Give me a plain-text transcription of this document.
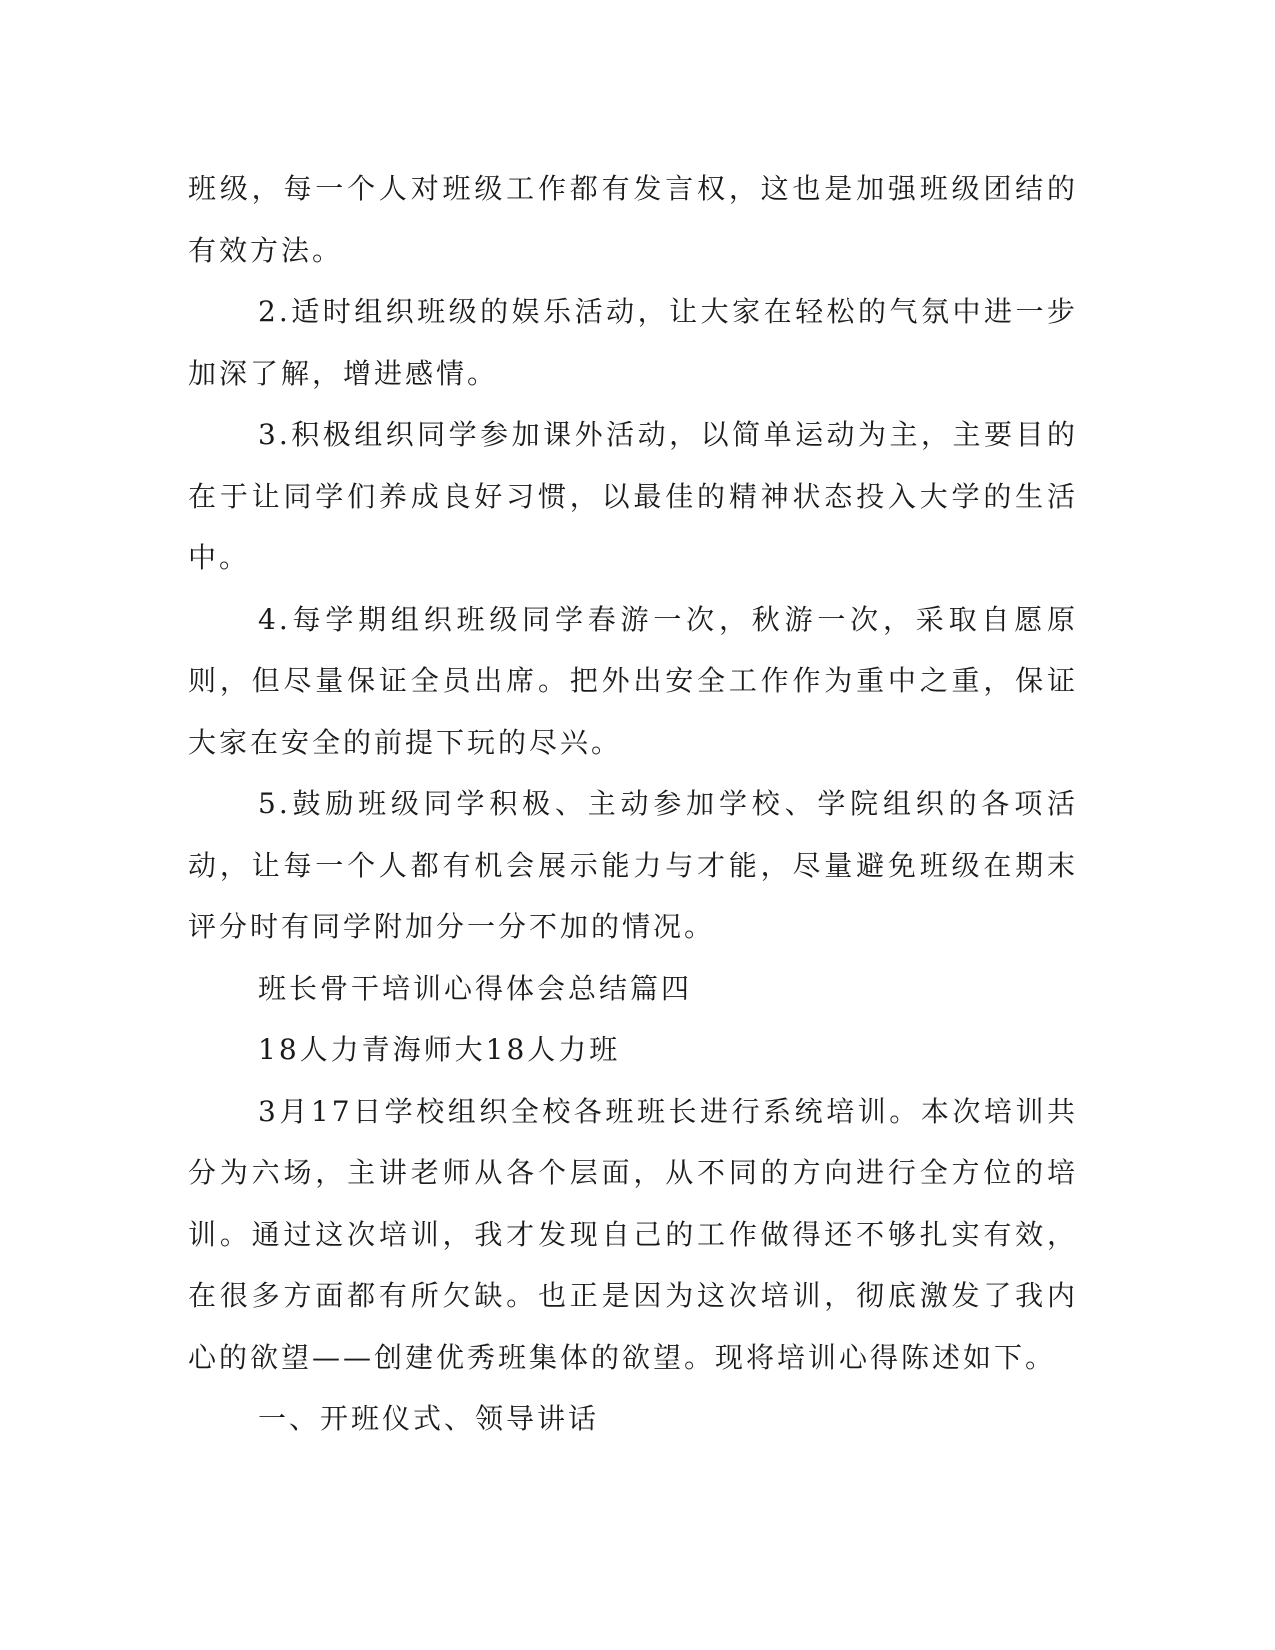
班级，每一个人对班级工作都有发言权，这也是加强班级团结的有效方法。

2.适时组织班级的娱乐活动，让大家在轻松的气氛中进一步加深了解，增进感情。

3.积极组织同学参加课外活动，以简单运动为主，主要目的在于让同学们养成良好习惯，以最佳的精神状态投入大学的生活中。

4.每学期组织班级同学春游一次，秋游一次，采取自愿原则，但尽量保证全员出席。把外出安全工作作为重中之重，保证大家在安全的前提下玩的尽兴。

5.鼓励班级同学积极、主动参加学校、学院组织的各项活动，让每一个人都有机会展示能力与才能，尽量避免班级在期末评分时有同学附加分一分不加的情况。

班长骨干培训心得体会总结篇四

18人力青海师大18人力班

3月17日学校组织全校各班班长进行系统培训。本次培训共分为六场，主讲老师从各个层面，从不同的方向进行全方位的培训。通过这次培训，我才发现自己的工作做得还不够扎实有效，在很多方面都有所欠缺。也正是因为这次培训，彻底激发了我内心的欲望——创建优秀班集体的欲望。现将培训心得陈述如下。

一、开班仪式、领导讲话
